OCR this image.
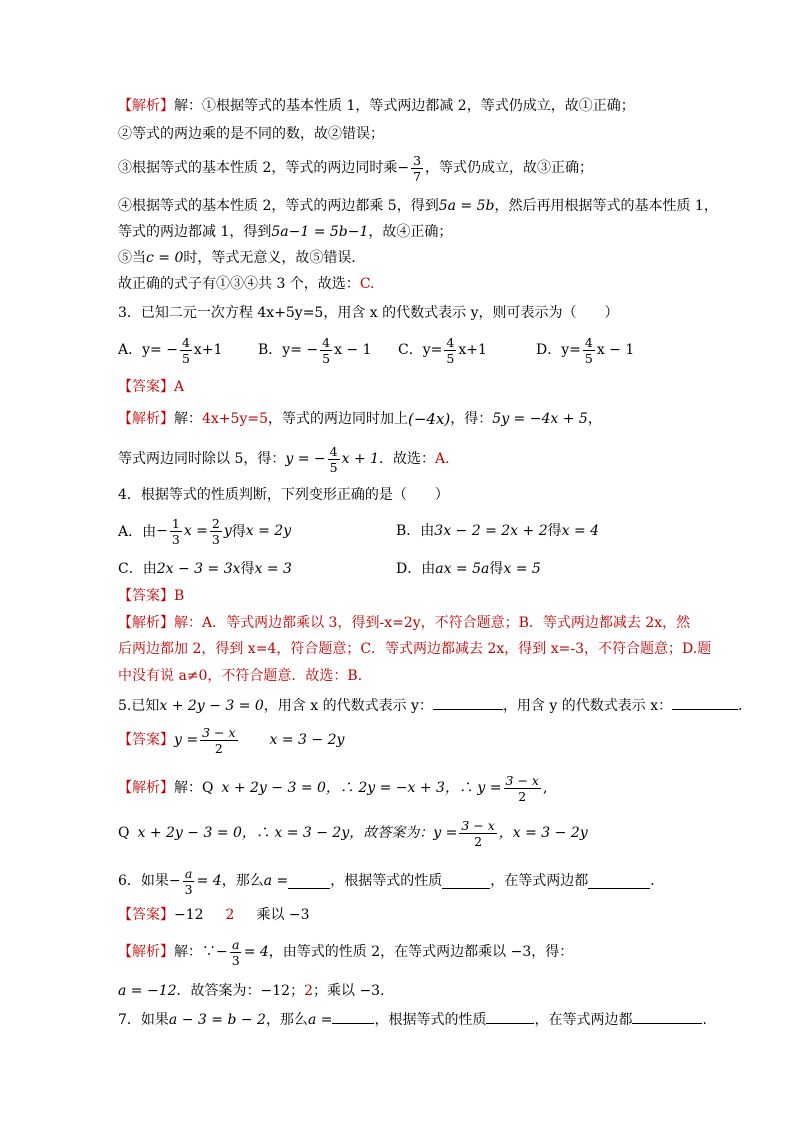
【解析】解：①根据等式的基本性质 1，等式两边都减 2，等式仍成立，故①正确；
②等式的两边乘的是不同的数，故②错误；
③根据等式的基本性质 2，等式的两边同时乘 − $\frac{3}{7}$ ，等式仍成立，故③正确；
④根据等式的基本性质 2，等式的两边都乘 5，得到5a = 5b，然后再用根据等式的基本性质 1，
等式的两边都减 1，得到5a−1 = 5b−1，故④正确；
⑤当c = 0时，等式无意义，故⑤错误．
故正确的式子有①③④共 3 个，故选：C.
3．已知二元一次方程 4x+5y=5，用含 x 的代数式表示 y，则可表示为（　　）
A．$y= - \frac{4}{5} x+1$	B．$y= - \frac{4}{5}$ x − 1 C．$y= \frac{4}{5} x+1$	D．$y= \frac{4}{5}$ x − 1
【答案】A
【解析】 解： 4x+5y=5 ，等式的两边同时加上 (−4x) ，得： 5y = −4x + 5 ，
等式两边同时除以 5，得： y = − $\frac{4}{5}$ x + 1 ．故选： A.
4．根据等式的性质判断，下列变形正确的是（　　）
A．由 − $\frac{1}{3}$ $x = \frac{2}{3}$ y 得 x = 2y	B．由3x − 2 = 2x + 2得x = 4
C．由2x − 3 = 3x得x = 3	D．由ax = 5a得x = 5
【答案】B
【解析】解：A．等式两边都乘以 3，得到-x=2y，不符合题意；B．等式两边都减去 2x，然
后两边都加 2，得到 x=4，符合题意；C．等式两边都减去 2x，得到 x=-3，不符合题意；D.题
中没有说 a≠0，不符合题意．故选：B．
5.已知x + 2y − 3 = 0，用含 x 的代数式表示 y：	，用含 y 的代数式表示 x：	．
【答案】 $y = \frac{3 - x}{2}$ x = 3 − 2y
【解析】 解：Q x + 2y − 3 = 0 ，∴ 2y = −x + 3，∴ $y = \frac{3 - x}{2}$ ,
Q x + 2y − 3 = 0 ，∴ x = 3 − 2y，故答案为： $y = \frac{3 - x}{2}$ ，x = 3 − 2y
6．如果 − $\frac{a}{3} = 4$ ，那么 a =	，根据等式的性质	，在等式两边都	．
【答案】−12 2 乘以 −3
【解析】 解：∵ − $\frac{a}{3} = 4$ ，由等式的性质 2，在等式两边都乘以 −3，得：
a = −12．故答案为：−12；2；乘以 −3．
7．如果a − 3 = b − 2，那么a =	，根据等式的性质	，在等式两边都	．
